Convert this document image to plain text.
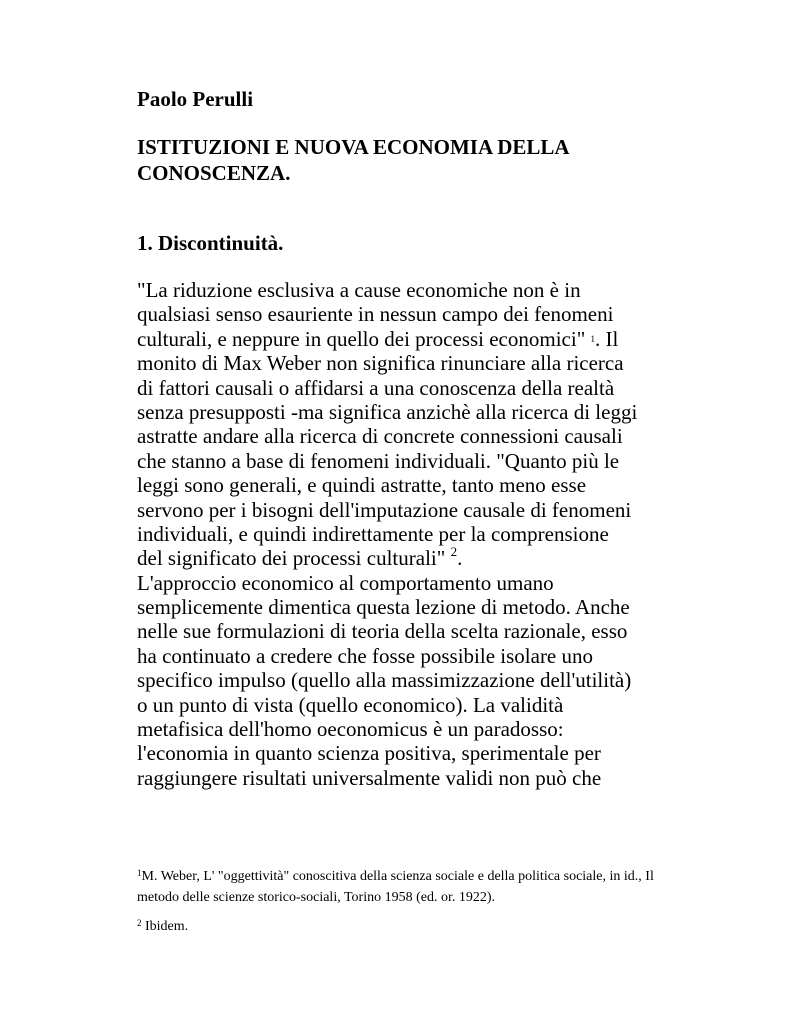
Paolo Perulli

ISTITUZIONI E NUOVA ECONOMIA DELLA
CONOSCENZA.
1. Discontinuità.
"La riduzione esclusiva a cause economiche non è in
qualsiasi senso esauriente in nessun campo dei fenomeni
culturali, e neppure in quello dei processi economici" $^1$. Il
monito di Max Weber non significa rinunciare alla ricerca
di fattori causali o affidarsi a una conoscenza della realtà
senza presupposti -ma significa anzichè alla ricerca di leggi
astratte andare alla ricerca di concrete connessioni causali
che stanno a base di fenomeni individuali. "Quanto più le
leggi sono generali, e quindi astratte, tanto meno esse
servono per i bisogni dell'imputazione causale di fenomeni
individuali, e quindi indirettamente per la comprensione
del significato dei processi culturali" $^2$.
L'approccio economico al comportamento umano
semplicemente dimentica questa lezione di metodo. Anche
nelle sue formulazioni di teoria della scelta razionale, esso
ha continuato a credere che fosse possibile isolare uno
specifico impulso (quello alla massimizzazione dell'utilità)
o un punto di vista (quello economico). La validità
metafisica dell'homo oeconomicus è un paradosso:
l'economia in quanto scienza positiva, sperimentale per
raggiungere risultati universalmente validi non può che
$^1$M. Weber, L' "oggettività" conoscitiva della scienza sociale e della politica sociale, in id., Il
metodo delle scienze storico-sociali, Torino 1958 (ed. or. 1922).
$^2$ Ibidem.
